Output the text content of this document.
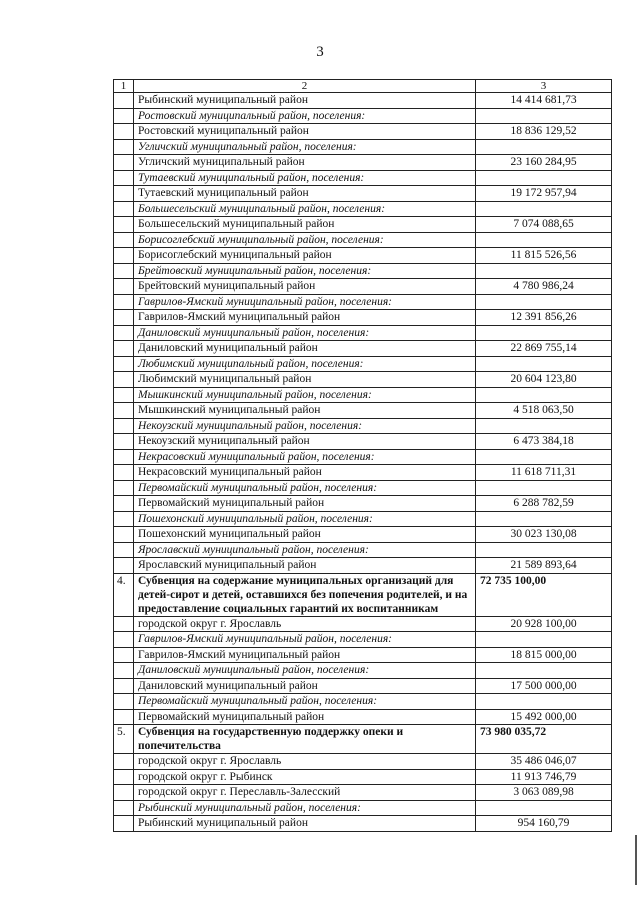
3
1	2	3
	Рыбинский муниципальный район	14 414 681,73
	Ростовский муниципальный район, поселения:	
	Ростовский муниципальный район	18 836 129,52
	Угличский муниципальный район, поселения:	
	Угличский муниципальный район	23 160 284,95
	Тутаевский муниципальный район, поселения:	
	Тутаевский муниципальный район	19 172 957,94
	Большесельский муниципальный район, поселения:	
	Большесельский муниципальный район	7 074 088,65
	Борисоглебский муниципальный район, поселения:	
	Борисоглебский муниципальный район	11 815 526,56
	Брейтовский муниципальный район, поселения:	
	Брейтовский муниципальный район	4 780 986,24
	Гаврилов-Ямский муниципальный район, поселения:	
	Гаврилов-Ямский муниципальный район	12 391 856,26
	Даниловский муниципальный район, поселения:	
	Даниловский муниципальный район	22 869 755,14
	Любимский муниципальный район, поселения:	
	Любимский муниципальный район	20 604 123,80
	Мышкинский муниципальный район, поселения:	
	Мышкинский муниципальный район	4 518 063,50
	Некоузский муниципальный район, поселения:	
	Некоузский муниципальный район	6 473 384,18
	Некрасовский муниципальный район, поселения:	
	Некрасовский муниципальный район	11 618 711,31
	Первомайский муниципальный район, поселения:	
	Первомайский муниципальный район	6 288 782,59
	Пошехонский муниципальный район, поселения:	
	Пошехонский муниципальный район	30 023 130,08
	Ярославский муниципальный район, поселения:	
	Ярославский муниципальный район	21 589 893,64
4.	Субвенция на содержание муниципальных организаций для детей-сирот и детей, оставшихся без попечения родителей, и на предоставление социальных гарантий их воспитанникам	72 735 100,00
	городской округ г. Ярославль	20 928 100,00
	Гаврилов-Ямский муниципальный район, поселения:	
	Гаврилов-Ямский муниципальный район	18 815 000,00
	Даниловский муниципальный район, поселения:	
	Даниловский муниципальный район	17 500 000,00
	Первомайский муниципальный район, поселения:	
	Первомайский муниципальный район	15 492 000,00
5.	Субвенция на государственную поддержку опеки и попечительства	73 980 035,72
	городской округ г. Ярославль	35 486 046,07
	городской округ г. Рыбинск	11 913 746,79
	городской округ г. Переславль-Залесский	3 063 089,98
	Рыбинский муниципальный район, поселения:	
	Рыбинский муниципальный район	954 160,79
